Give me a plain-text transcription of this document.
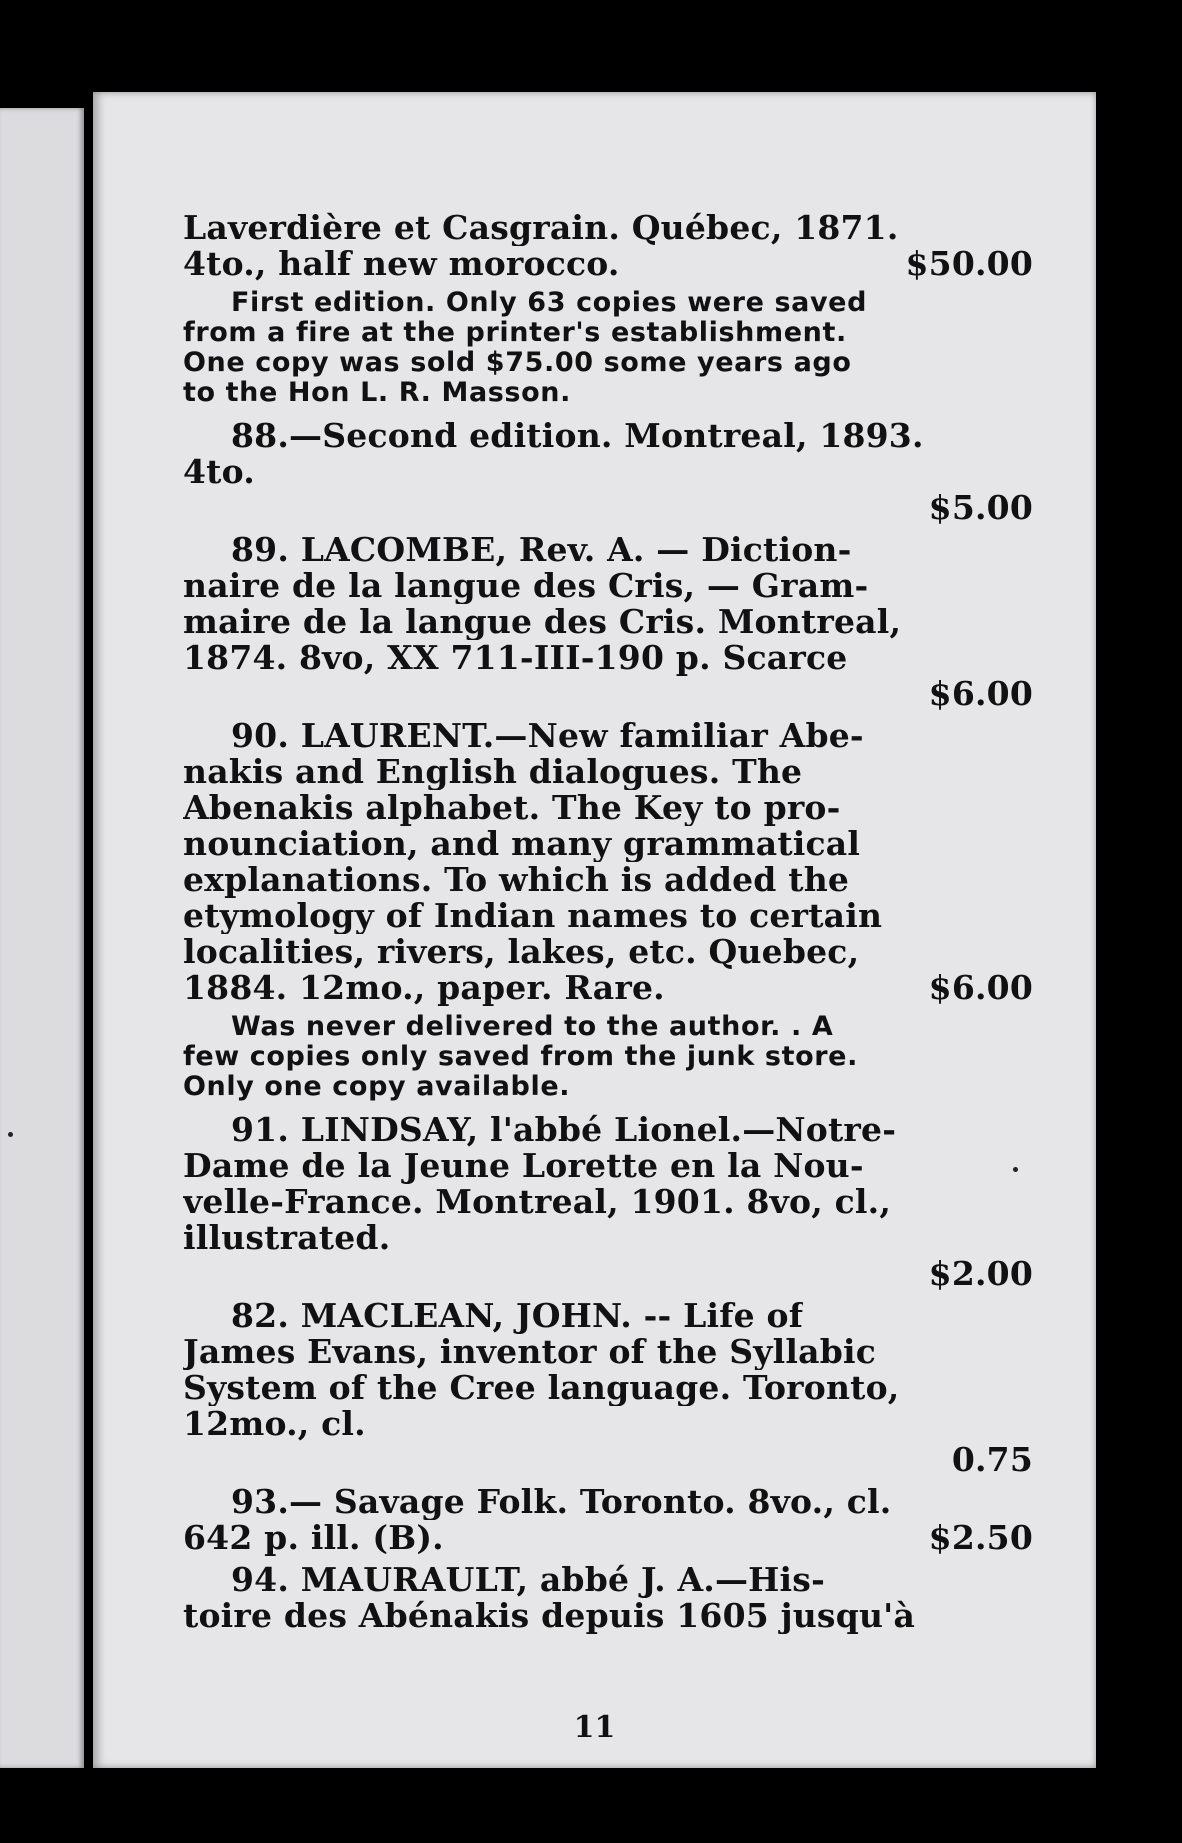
Laverdière et Casgrain. Québec, 1871.
4to., half new morocco.	$50.00
First edition. Only 63 copies were saved
from a fire at the printer's establishment.
One copy was sold $75.00 some years ago
to the Hon L. R. Masson.
88.—Second edition. Montreal, 1893.
4to.
$5.00
89. LACOMBE, Rev. A. — Diction-
naire de la langue des Cris, — Gram-
maire de la langue des Cris. Montreal,
1874. 8vo, XX 711-III-190 p. Scarce
$6.00
90. LAURENT.—New familiar Abe-
nakis and English dialogues. The
Abenakis alphabet. The Key to pro-
nounciation, and many grammatical
explanations. To which is added the
etymology of Indian names to certain
localities, rivers, lakes, etc. Quebec,
1884. 12mo., paper. Rare.	$6.00
Was never delivered to the author. . A
few copies only saved from the junk store.
Only one copy available.
91. LINDSAY, l'abbé Lionel.—Notre-
Dame de la Jeune Lorette en la Nou-
velle-France. Montreal, 1901. 8vo, cl.,
illustrated.
$2.00
82. MACLEAN, JOHN. -- Life of
James Evans, inventor of the Syllabic
System of the Cree language. Toronto,
12mo., cl.
0.75
93.— Savage Folk. Toronto. 8vo., cl.
642 p. ill. (B).	$2.50
94. MAURAULT, abbé J. A.—His-
toire des Abénakis depuis 1605 jusqu'à
11
